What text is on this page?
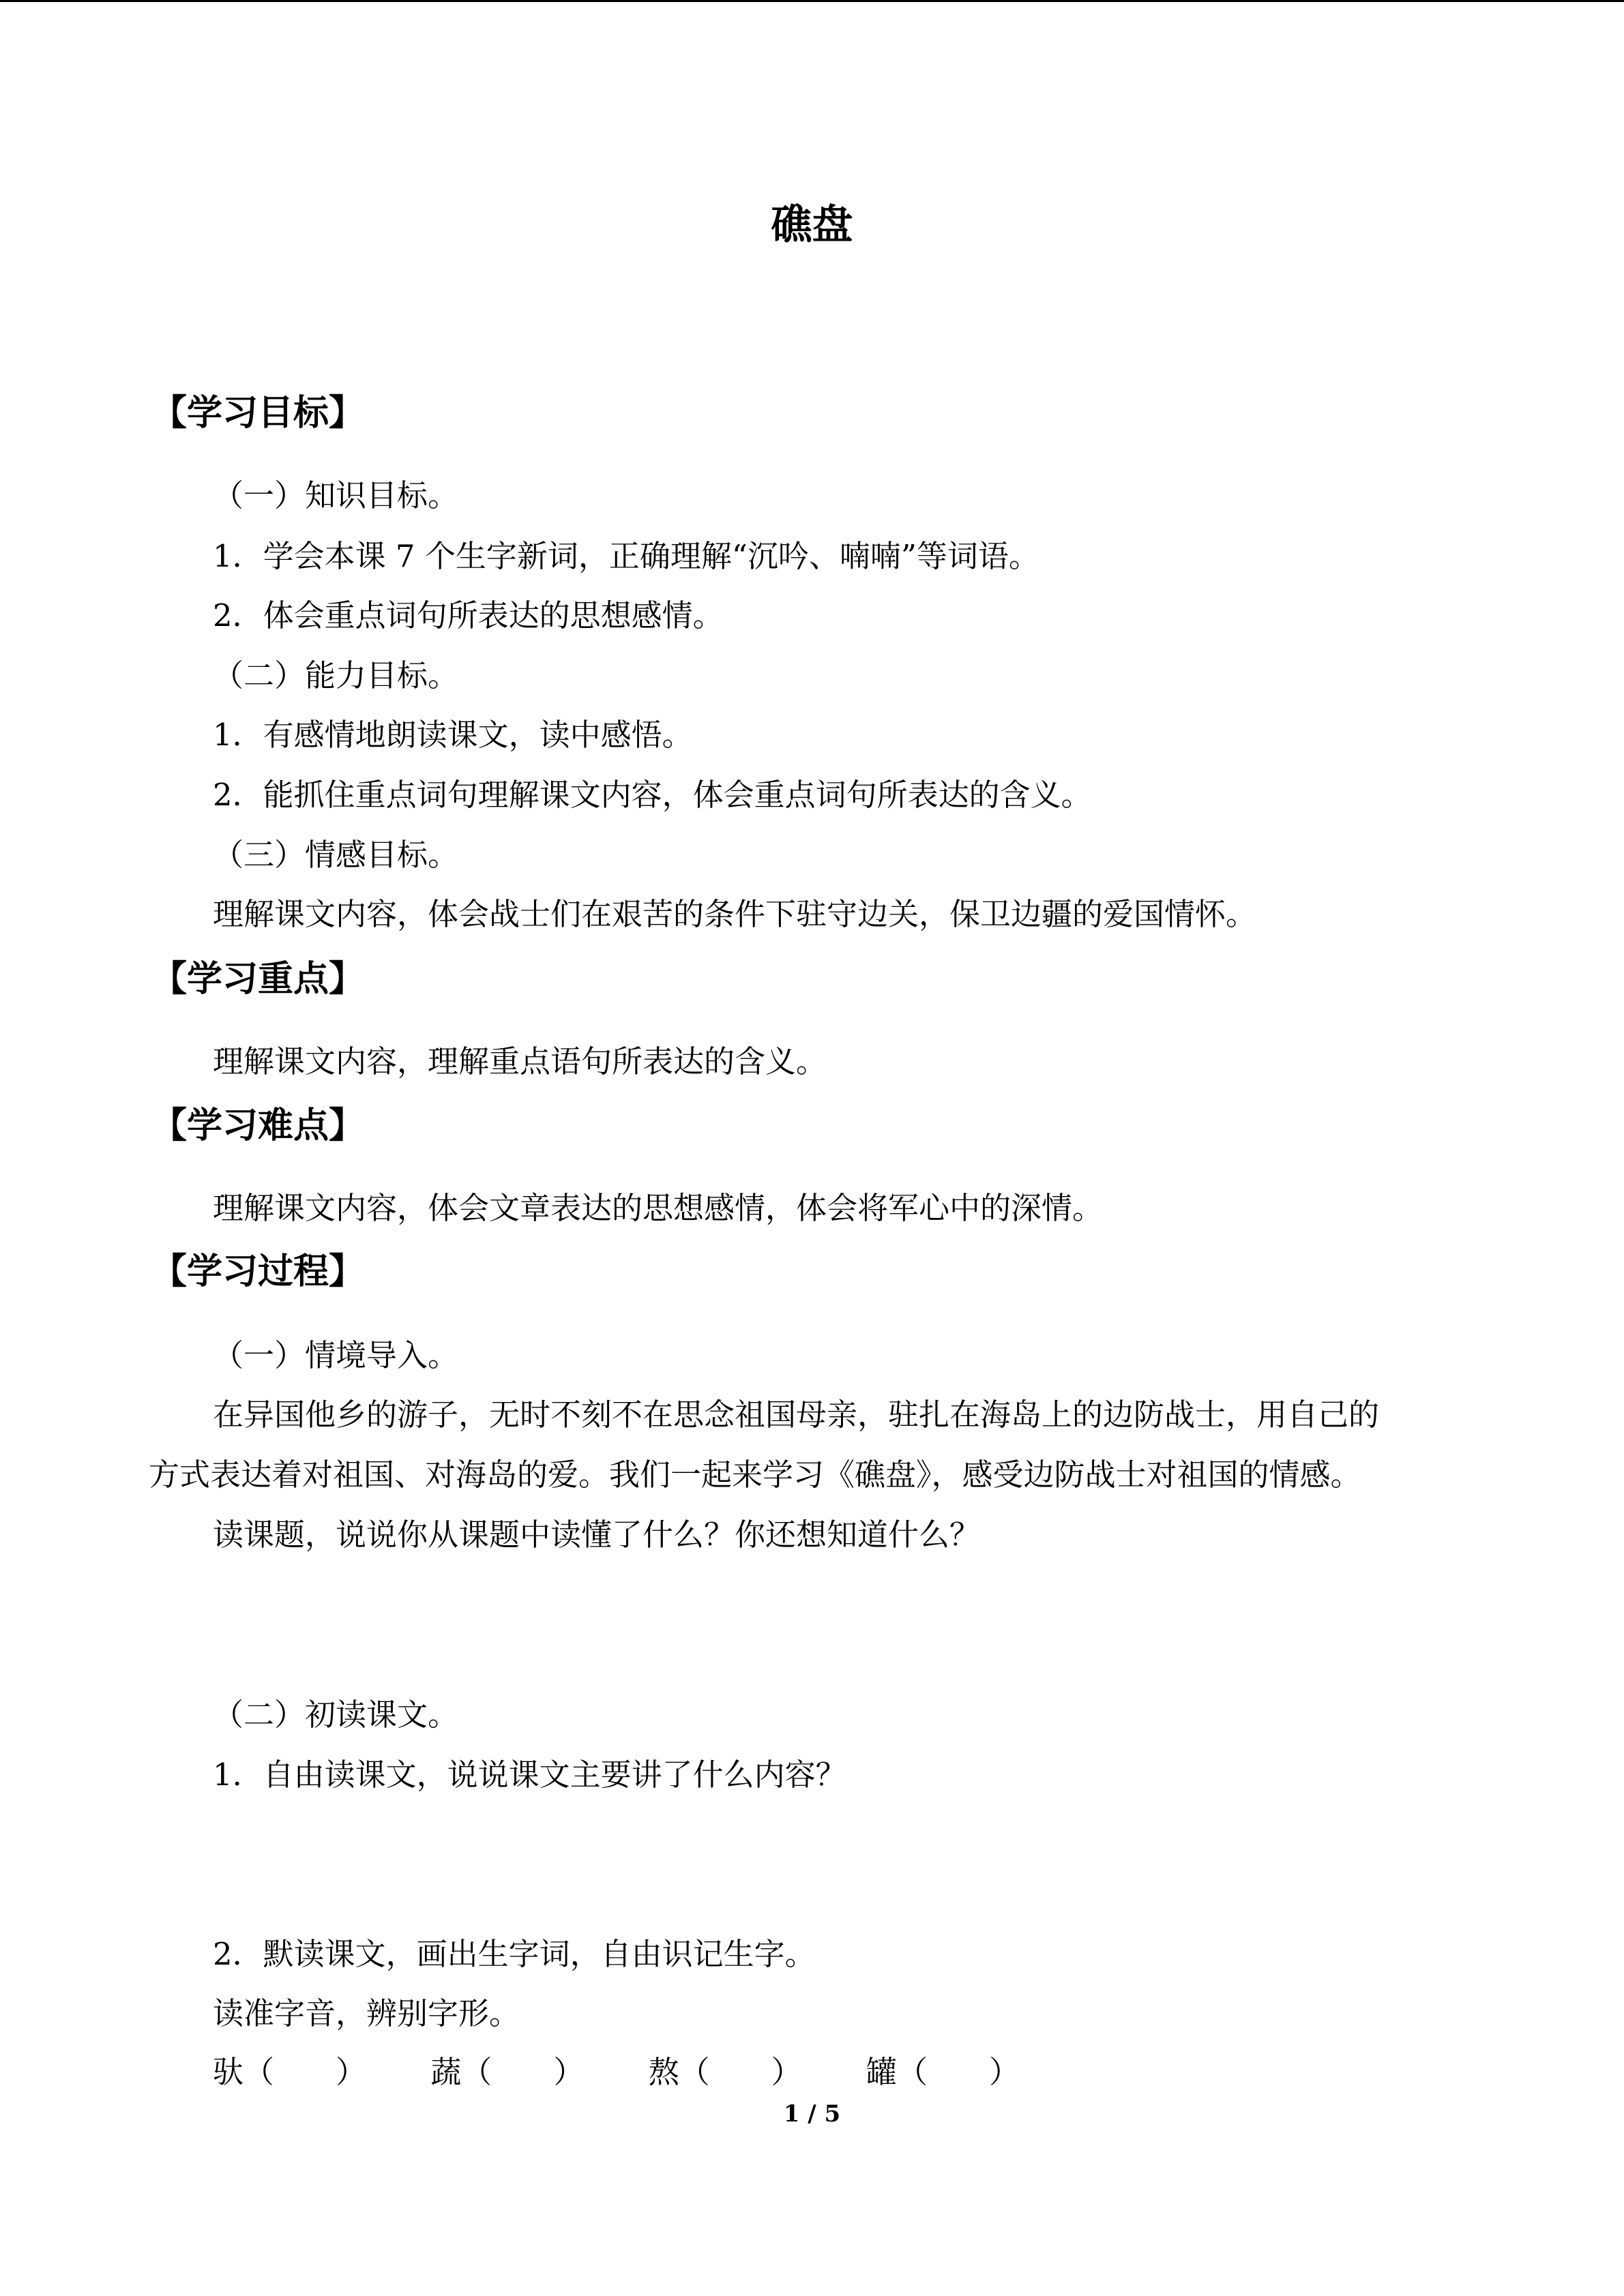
礁盘
【学习目标】
（一）知识目标。
1．学会本课 7 个生字新词，正确理解“沉吟、喃喃”等词语。
2．体会重点词句所表达的思想感情。
（二）能力目标。
1．有感情地朗读课文，读中感悟。
2．能抓住重点词句理解课文内容，体会重点词句所表达的含义。
（三）情感目标。
理解课文内容，体会战士们在艰苦的条件下驻守边关，保卫边疆的爱国情怀。
【学习重点】
理解课文内容，理解重点语句所表达的含义。
【学习难点】
理解课文内容，体会文章表达的思想感情，体会将军心中的深情。
【学习过程】
（一）情境导入。
在异国他乡的游子，无时不刻不在思念祖国母亲，驻扎在海岛上的边防战士，用自己的
方式表达着对祖国、对海岛的爱。我们一起来学习《礁盘》，感受边防战士对祖国的情感。
读课题，说说你从课题中读懂了什么？你还想知道什么？
（二）初读课文。
1．自由读课文，说说课文主要讲了什么内容？
2．默读课文，画出生字词，自由识记生字。
读准字音，辨别字形。
驮（　　） 蔬（　　） 熬（　　） 罐（　　）
1 / 5
